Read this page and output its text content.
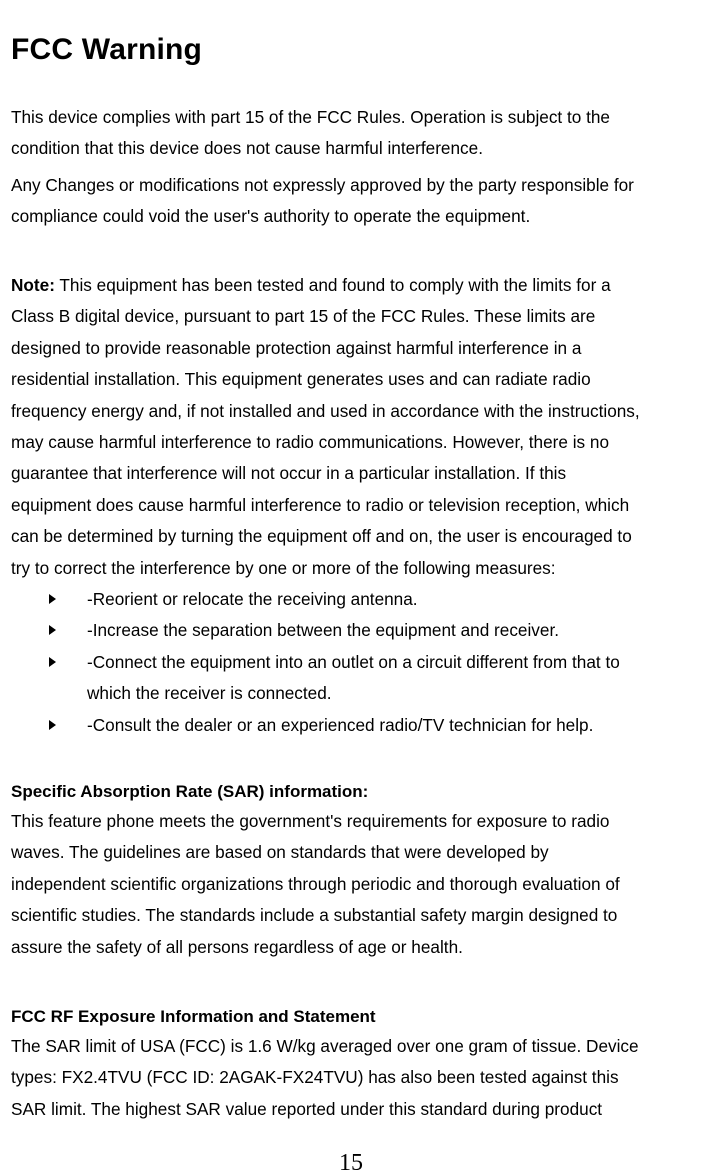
FCC Warning

This device complies with part 15 of the FCC Rules. Operation is subject to the
condition that this device does not cause harmful interference.

Any Changes or modifications not expressly approved by the party responsible for
compliance could void the user's authority to operate the equipment.

Note: This equipment has been tested and found to comply with the limits for a
Class B digital device, pursuant to part 15 of the FCC Rules. These limits are
designed to provide reasonable protection against harmful interference in a
residential installation. This equipment generates uses and can radiate radio
frequency energy and, if not installed and used in accordance with the instructions,
may cause harmful interference to radio communications. However, there is no
guarantee that interference will not occur in a particular installation. If this
equipment does cause harmful interference to radio or television reception, which
can be determined by turning the equipment off and on, the user is encouraged to
try to correct the interference by one or more of the following measures:

-Reorient or relocate the receiving antenna.
-Increase the separation between the equipment and receiver.
-Connect the equipment into an outlet on a circuit different from that to
which the receiver is connected.
-Consult the dealer or an experienced radio/TV technician for help.
Specific Absorption Rate (SAR) information:

This feature phone meets the government's requirements for exposure to radio
waves. The guidelines are based on standards that were developed by
independent scientific organizations through periodic and thorough evaluation of
scientific studies. The standards include a substantial safety margin designed to
assure the safety of all persons regardless of age or health.

FCC RF Exposure Information and Statement

The SAR limit of USA (FCC) is 1.6 W/kg averaged over one gram of tissue. Device
types: FX2.4TVU (FCC ID: 2AGAK-FX24TVU) has also been tested against this
SAR limit. The highest SAR value reported under this standard during product

15
